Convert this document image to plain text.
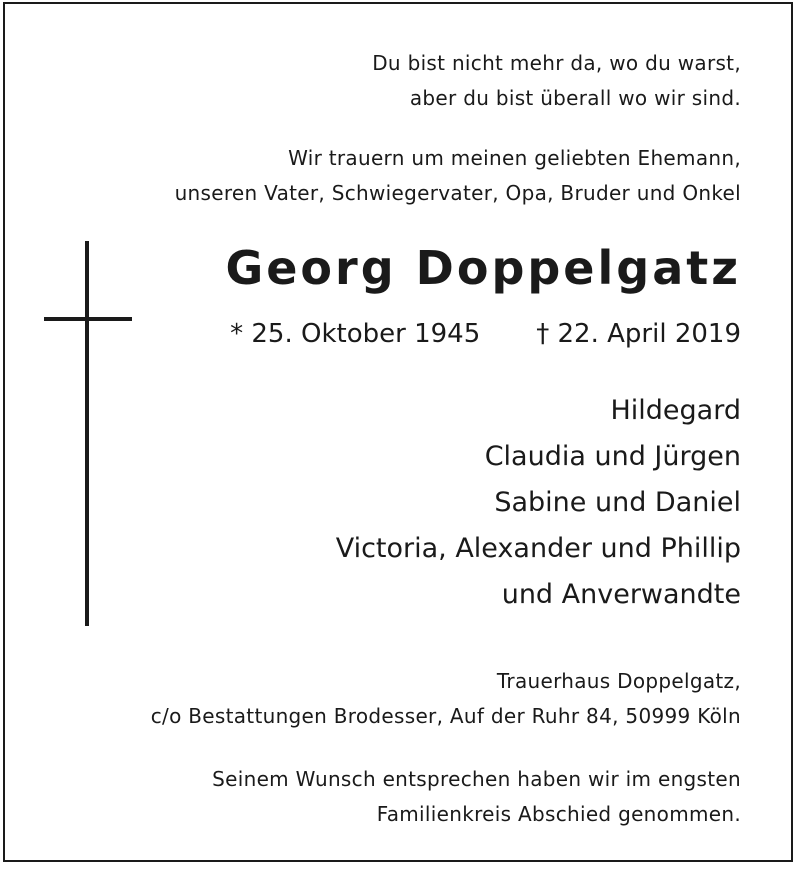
Du bist nicht mehr da, wo du warst,
aber du bist überall wo wir sind.
Wir trauern um meinen geliebten Ehemann,
unseren Vater, Schwiegervater, Opa, Bruder und Onkel
Georg Doppelgatz
* 25. Oktober 1945 † 22. April 2019
Hildegard
Claudia und Jürgen
Sabine und Daniel
Victoria, Alexander und Phillip
und Anverwandte
Trauerhaus Doppelgatz,
c/o Bestattungen Brodesser, Auf der Ruhr 84, 50999 Köln
Seinem Wunsch entsprechen haben wir im engsten
Familienkreis Abschied genommen.
